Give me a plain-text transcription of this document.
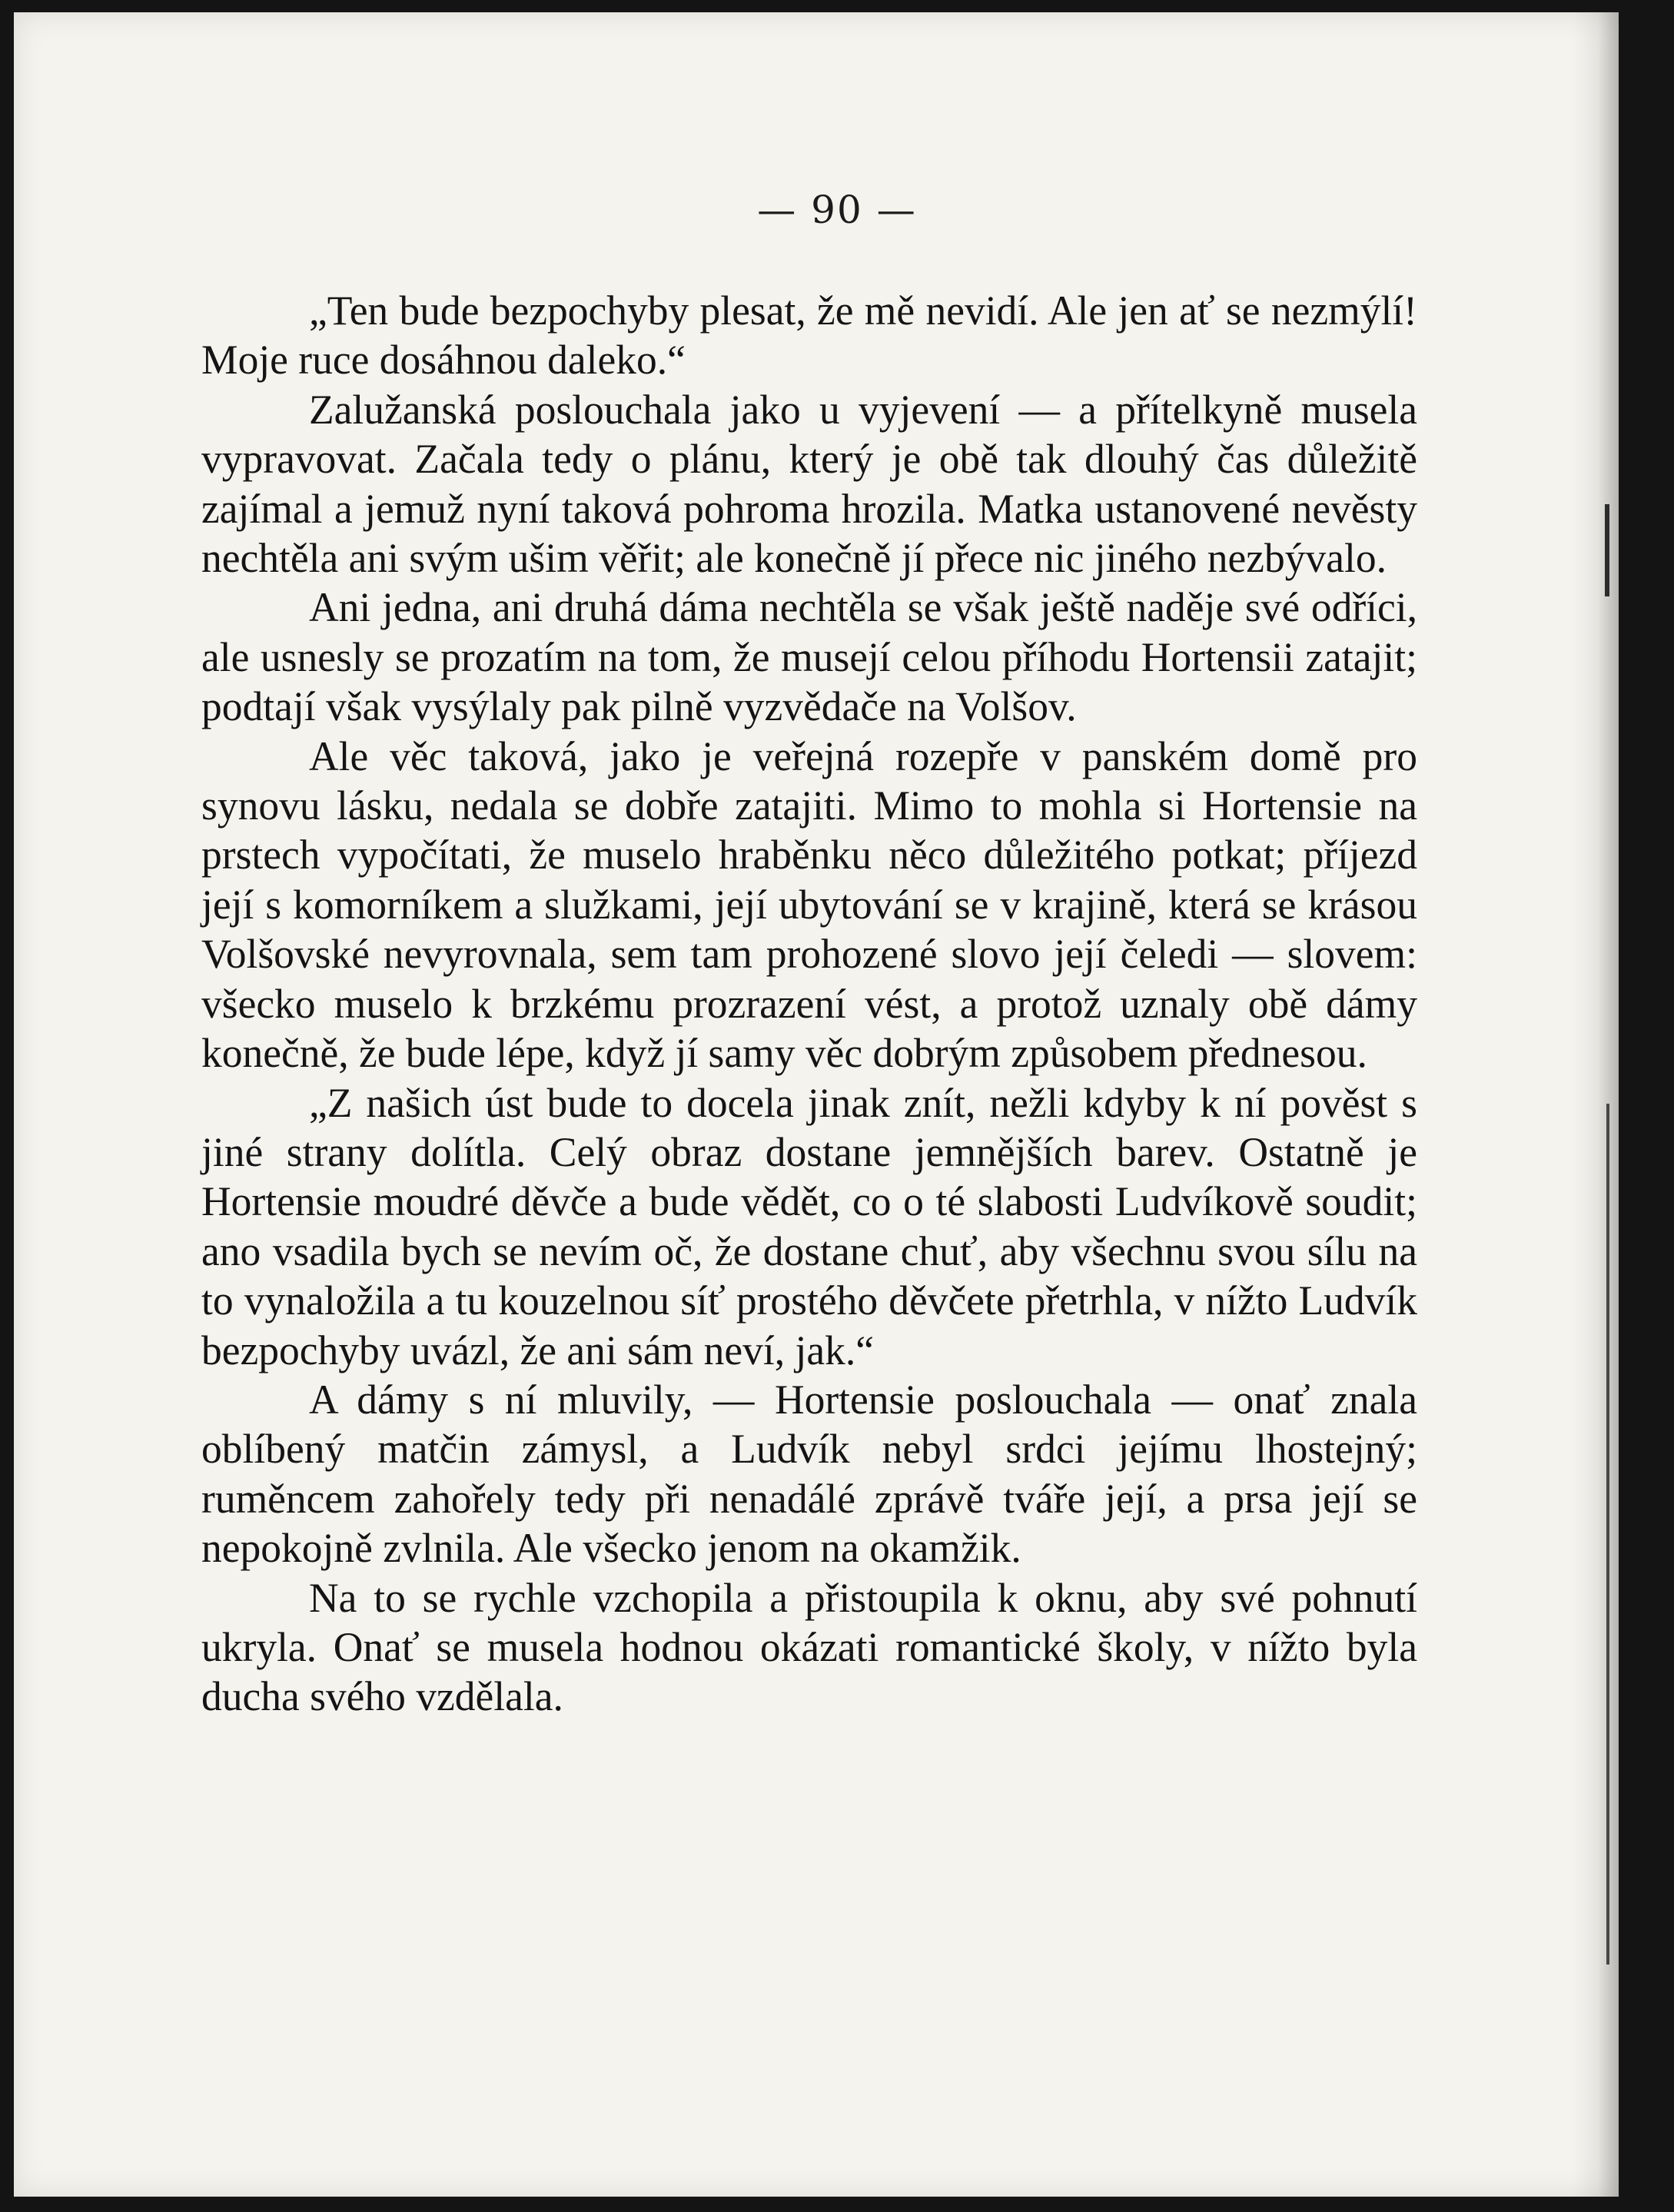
— 90 —

„Ten bude bezpochyby plesat, že mě nevidí. Ale jen ať se nezmýlí! Moje ruce dosáhnou daleko.“

Zalužanská poslouchala jako u vyjevení — a přítelkyně musela vypravovat. Začala tedy o plánu, který je obě tak dlouhý čas důležitě zajímal a jemuž nyní taková pohroma hrozila. Matka ustanovené nevěsty nechtěla ani svým ušim věřit; ale konečně jí přece nic jiného nezbývalo.

Ani jedna, ani druhá dáma nechtěla se však ještě naděje své odříci, ale usnesly se prozatím na tom, že musejí celou příhodu Hortensii zatajit; podtají však vysýlaly pak pilně vyzvědače na Volšov.

Ale věc taková, jako je veřejná rozepře v panském domě pro synovu lásku, nedala se dobře zatajiti. Mimo to mohla si Hortensie na prstech vypočítati, že muselo hraběnku něco důležitého potkat; příjezd její s komorníkem a služkami, její ubytování se v krajině, která se krásou Volšovské nevyrovnala, sem tam prohozené slovo její čeledi — slovem: všecko muselo k brzkému prozrazení vést, a protož uznaly obě dámy konečně, že bude lépe, když jí samy věc dobrým způsobem přednesou.

„Z našich úst bude to docela jinak znít, nežli kdyby k ní pověst s jiné strany dolítla. Celý obraz dostane jemnějších barev. Ostatně je Hortensie moudré děvče a bude vědět, co o té slabosti Ludvíkově soudit; ano vsadila bych se nevím oč, že dostane chuť, aby všechnu svou sílu na to vynaložila a tu kouzelnou síť prostého děvčete přetrhla, v nížto Ludvík bezpochyby uvázl, že ani sám neví, jak.“

A dámy s ní mluvily, — Hortensie poslouchala — onať znala oblíbený matčin zámysl, a Ludvík nebyl srdci jejímu lhostejný; ruměncem zahořely tedy při nenadálé zprávě tváře její, a prsa její se nepokojně zvlnila. Ale všecko jenom na okamžik.

Na to se rychle vzchopila a přistoupila k oknu, aby své pohnutí ukryla. Onať se musela hodnou okázati romantické školy, v nížto byla ducha svého vzdělala.
